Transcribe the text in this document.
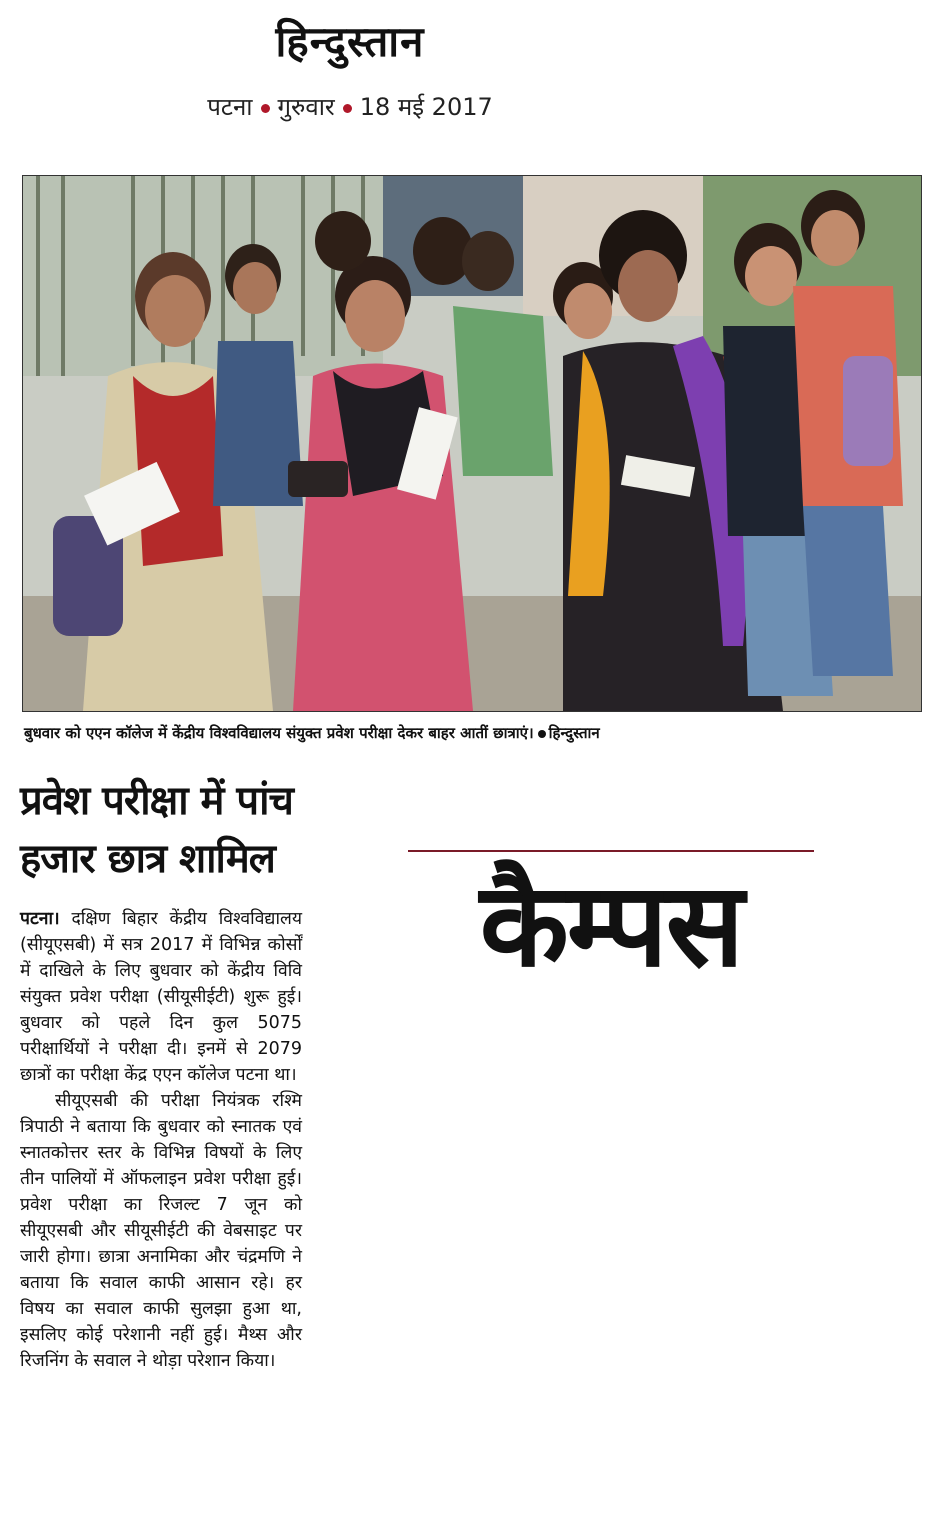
हिन्दुस्तान
पटना गुरुवार 18 मई 2017
बुधवार को एएन कॉलेज में केंद्रीय विश्वविद्यालय संयुक्त प्रवेश परीक्षा देकर बाहर आतीं छात्राएं। हिन्दुस्तान
प्रवेश परीक्षा में पांच
हजार छात्र शामिल

पटना। दक्षिण बिहार केंद्रीय विश्वविद्यालय (सीयूएसबी) में सत्र 2017 में विभिन्न कोर्सों में दाखिले के लिए बुधवार को केंद्रीय विवि संयुक्त प्रवेश परीक्षा (सीयूसीईटी) शुरू हुई। बुधवार को पहले दिन कुल 5075 परीक्षार्थियों ने परीक्षा दी। इनमें से 2079 छात्रों का परीक्षा केंद्र एएन कॉलेज पटना था।

सीयूएसबी की परीक्षा नियंत्रक रश्मि त्रिपाठी ने बताया कि बुधवार को स्नातक एवं स्नातकोत्तर स्तर के विभिन्न विषयों के लिए तीन पालियों में ऑफलाइन प्रवेश परीक्षा हुई। प्रवेश परीक्षा का रिजल्ट 7 जून को सीयूएसबी और सीयूसीईटी की वेबसाइट पर जारी होगा। छात्रा अनामिका और चंद्रमणि ने बताया कि सवाल काफी आसान रहे। हर विषय का सवाल काफी सुलझा हुआ था, इसलिए कोई परेशानी नहीं हुई। मैथ्स और रिजनिंग के सवाल ने थोड़ा परेशान किया।

कैम्पस
